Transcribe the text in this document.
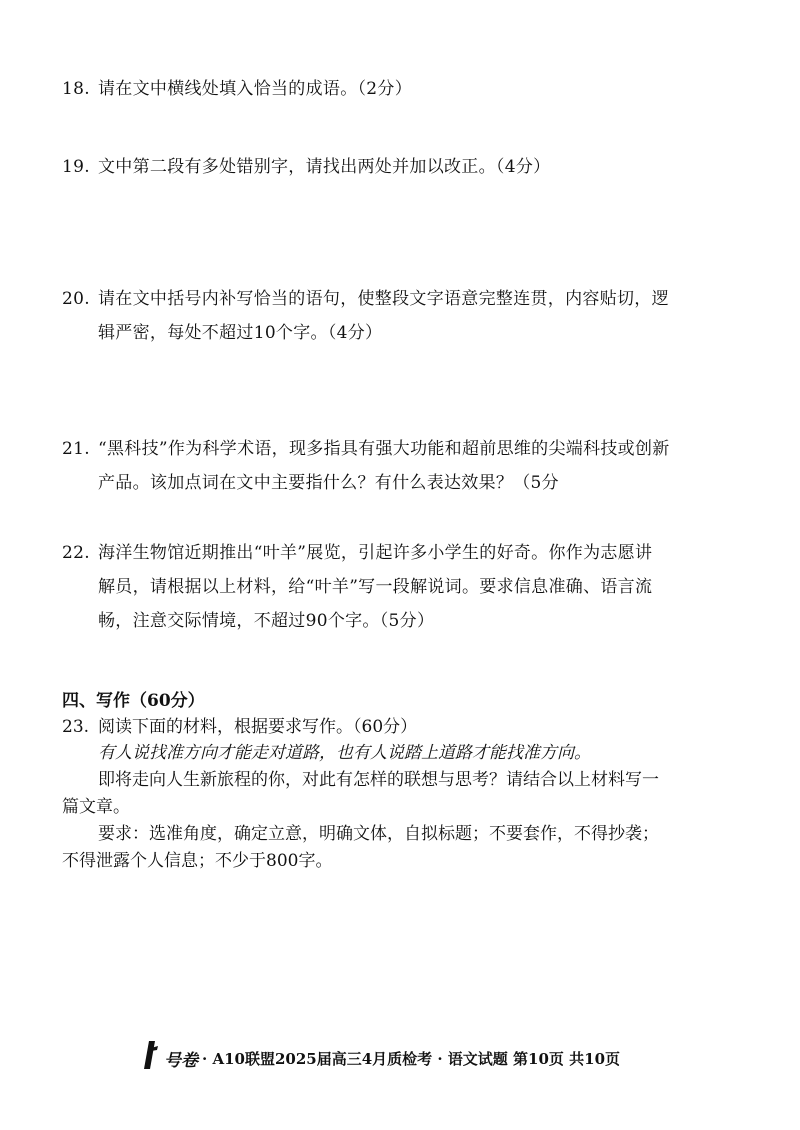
18. 请在文中横线处填入恰当的成语。（2分）
19. 文中第二段有多处错别字，请找出两处并加以改正。（4分）
20. 请在文中括号内补写恰当的语句，使整段文字语意完整连贯，内容贴切，逻
辑严密，每处不超过10个字。（4分）
21. “黑科技”作为科学术语，现多指具有强大功能和超前思维的尖端科技或创新
产品。该加点词在文中主要指什么？有什么表达效果？（5分
22. 海洋生物馆近期推出“叶羊”展览，引起许多小学生的好奇。你作为志愿讲
解员，请根据以上材料，给“叶羊”写一段解说词。要求信息准确、语言流
畅，注意交际情境，不超过90个字。（5分）
四、写作（60分）
23. 阅读下面的材料，根据要求写作。（60分）
有人说找准方向才能走对道路，也有人说踏上道路才能找准方向。
即将走向人生新旅程的你，对此有怎样的联想与思考？请结合以上材料写一
篇文章。
要求：选准角度，确定立意，明确文体，自拟标题；不要套作，不得抄袭；
不得泄露个人信息；不少于800字。
号卷 · A10联盟2025届高三4月质检考 · 语文试题 第10页 共10页
